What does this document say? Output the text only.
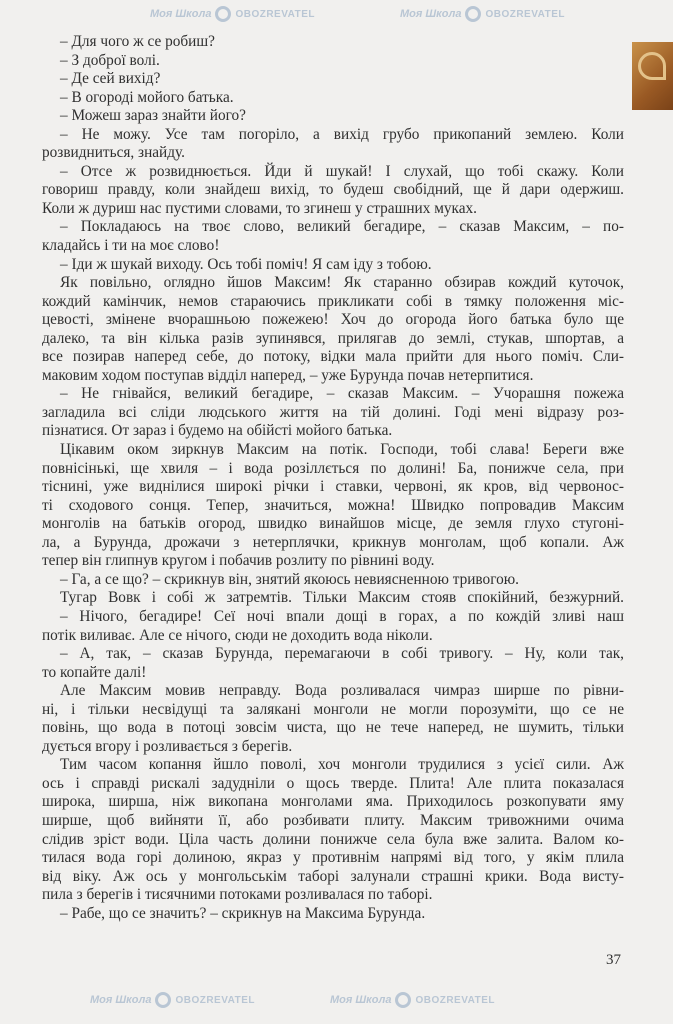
Моя Школа OBOZREVATEL	Моя Школа OBOZREVATEL
Моя Школа OBOZREVATEL	Моя Школа OBOZREVATEL
– Для чого ж се робиш?
– З доброї волі.
– Де сей вихід?
– В огороді мойого батька.
– Можеш зараз знайти його?
– Не можу. Усе там погоріло, а вихід грубо прикопаний землею. Коли
розвидниться, знайду.
– Отсе ж розвиднюється. Йди й шукай! І слухай, що тобі скажу. Коли
говориш правду, коли знайдеш вихід, то будеш свобідний, ще й дари одержиш.
Коли ж дуриш нас пустими словами, то згинеш у страшних муках.
– Покладаюсь на твоє слово, великий бегадире, – сказав Максим, – по-
кладайсь і ти на моє слово!
– Іди ж шукай виходу. Ось тобі поміч! Я сам іду з тобою.
Як повільно, оглядно йшов Максим! Як старанно обзирав кождий куточок,
кождий камінчик, немов стараючись прикликати собі в тямку положення міс-
цевості, змінене вчорашньою пожежею! Хоч до огорода його батька було ще
далеко, та він кілька разів зупинявся, прилягав до землі, стукав, шпортав, а
все позирав наперед себе, до потоку, відки мала прийти для нього поміч. Сли-
маковим ходом поступав відділ наперед, – уже Бурунда почав нетерпитися.
– Не гнівайся, великий бегадире, – сказав Максим. – Учорашня пожежа
загладила всі сліди людського життя на тій долині. Годі мені відразу роз-
пізнатися. От зараз і будемо на обійсті мойого батька.
Цікавим оком зиркнув Максим на потік. Господи, тобі слава! Береги вже
повнісінькі, ще хвиля – і вода розіллється по долині! Ба, понижче села, при
тіснині, уже виднілися широкі річки і ставки, червоні, як кров, від червонос-
ті сходового сонця. Тепер, значиться, можна! Швидко попровадив Максим
монголів на батьків огород, швидко винайшов місце, де земля глухо стугоні-
ла, а Бурунда, дрожачи з нетерплячки, крикнув монголам, щоб копали. Аж
тепер він глипнув кругом і побачив розлиту по рівнині воду.
– Га, а се що? – скрикнув він, знятий якоюсь невиясненною тривогою.
Тугар Вовк і собі ж затремтів. Тільки Максим стояв спокійний, безжурний.
– Нічого, бегадире! Сеї ночі впали дощі в горах, а по кождій зливі наш
потік виливає. Але се нічого, сюди не доходить вода ніколи.
– А, так, – сказав Бурунда, перемагаючи в собі тривогу. – Ну, коли так,
то копайте далі!
Але Максим мовив неправду. Вода розливалася чимраз ширше по рівни-
ні, і тільки несвідущі та залякані монголи не могли порозуміти, що се не
повінь, що вода в потоці зовсім чиста, що не тече наперед, не шумить, тільки
дується вгору і розливається з берегів.
Тим часом копання йшло поволі, хоч монголи трудилися з усієї сили. Аж
ось і справді рискалі задудніли о щось тверде. Плита! Але плита показалася
широка, ширша, ніж викопана монголами яма. Приходилось розкопувати яму
ширше, щоб вийняти її, або розбивати плиту. Максим тривожними очима
слідив зріст води. Ціла часть долини понижче села була вже залита. Валом ко-
тилася вода горі долиною, якраз у противнім напрямі від того, у якім плила
від віку. Аж ось у монгольськім таборі залунали страшні крики. Вода висту-
пила з берегів і тисячними потоками розливалася по таборі.
– Рабе, що се значить? – скрикнув на Максима Бурунда.
37
